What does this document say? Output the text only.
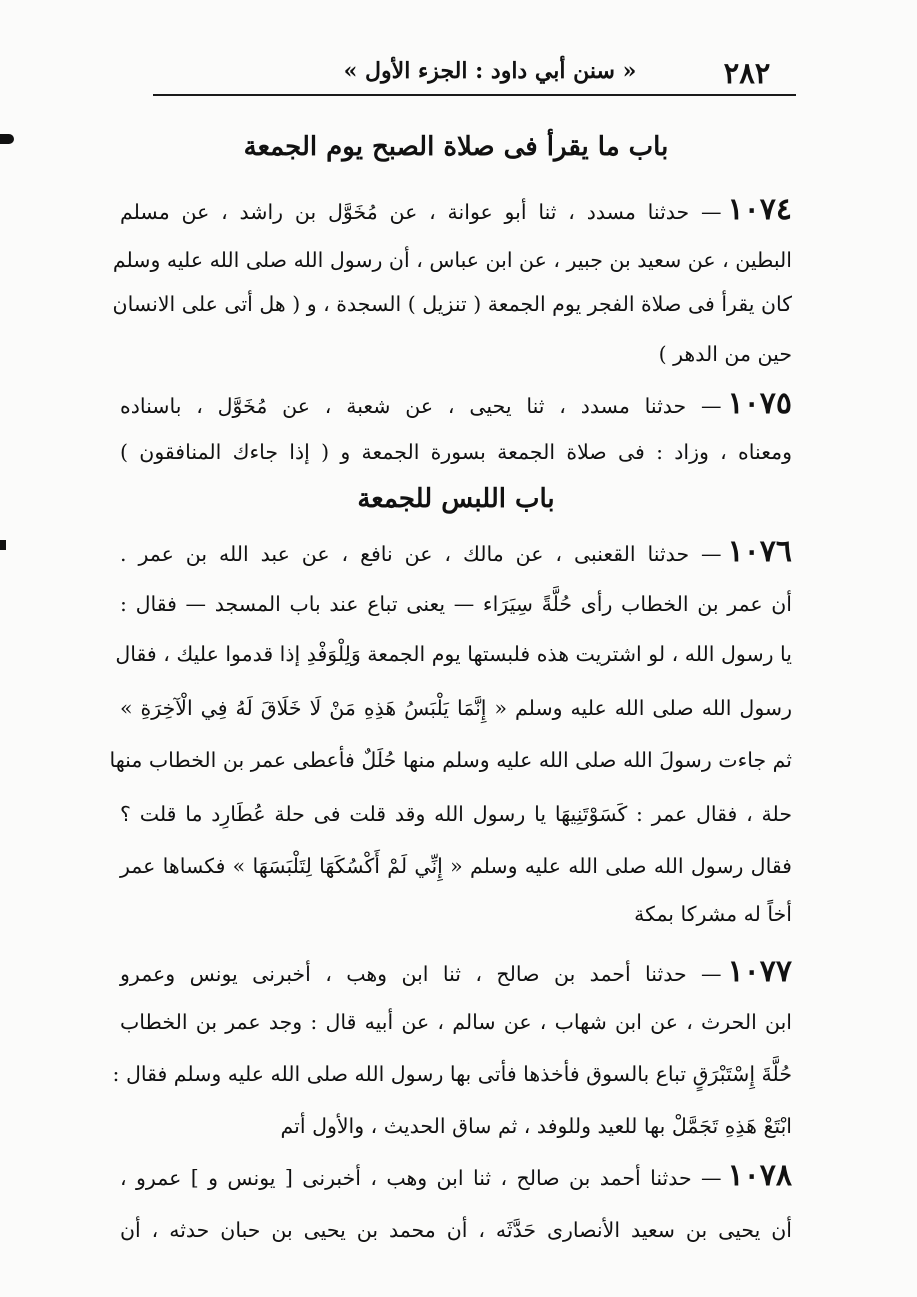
٢٨٢
« سنن أبي داود : الجزء الأول »
باب ما يقرأ فى صلاة الصبح يوم الجمعة
١٠٧٤— حدثنا مسدد ، ثنا أبو عوانة ، عن مُخَوَّل بن راشد ، عن مسلم
البطين ، عن سعيد بن جبير ، عن ابن عباس ، أن رسول الله صلى الله عليه وسلم
كان يقرأ فى صلاة الفجر يوم الجمعة ( تنزيل ) السجدة ، و ( هل أتى على الانسان
حين من الدهر )
١٠٧٥— حدثنا مسدد ، ثنا يحيى ، عن شعبة ، عن مُخَوَّل ، باسناده
ومعناه ، وزاد : فى صلاة الجمعة بسورة الجمعة و ( إذا جاءك المنافقون )
باب اللبس للجمعة
١٠٧٦— حدثنا القعنبى ، عن مالك ، عن نافع ، عن عبد الله بن عمر .
أن عمر بن الخطاب رأى حُلَّةً سِيَرَاء — يعنى تباع عند باب المسجد — فقال :
يا رسول الله ، لو اشتريت هذه فلبستها يوم الجمعة وَلِلْوَفْدِ إذا قدموا عليك ، فقال
رسول الله صلى الله عليه وسلم « إِنَّمَا يَلْبَسُ هَذِهِ مَنْ لَا خَلَاقَ لَهُ فِي الْآخِرَةِ »
ثم جاءت رسولَ الله صلى الله عليه وسلم منها حُلَلٌ فأعطى عمر بن الخطاب منها
حلة ، فقال عمر : كَسَوْتَنِيهَا يا رسول الله وقد قلت فى حلة عُطَارِد ما قلت ؟
فقال رسول الله صلى الله عليه وسلم « إِنِّي لَمْ أَكْسُكَهَا لِتَلْبَسَهَا » فكساها عمر
أخاً له مشركا بمكة
١٠٧٧— حدثنا أحمد بن صالح ، ثنا ابن وهب ، أخبرنى يونس وعمرو
ابن الحرث ، عن ابن شهاب ، عن سالم ، عن أبيه قال : وجد عمر بن الخطاب
حُلَّةَ إِسْتَبْرَقٍ تباع بالسوق فأخذها فأتى بها رسول الله صلى الله عليه وسلم فقال :
ابْتَعْ هَذِهِ تَجَمَّلْ بها للعيد وللوفد ، ثم ساق الحديث ، والأول أتم
١٠٧٨— حدثنا أحمد بن صالح ، ثنا ابن وهب ، أخبرنى [ يونس و ] عمرو ،
أن يحيى بن سعيد الأنصارى حَدَّثَه ، أن محمد بن يحيى بن حبان حدثه ، أن
